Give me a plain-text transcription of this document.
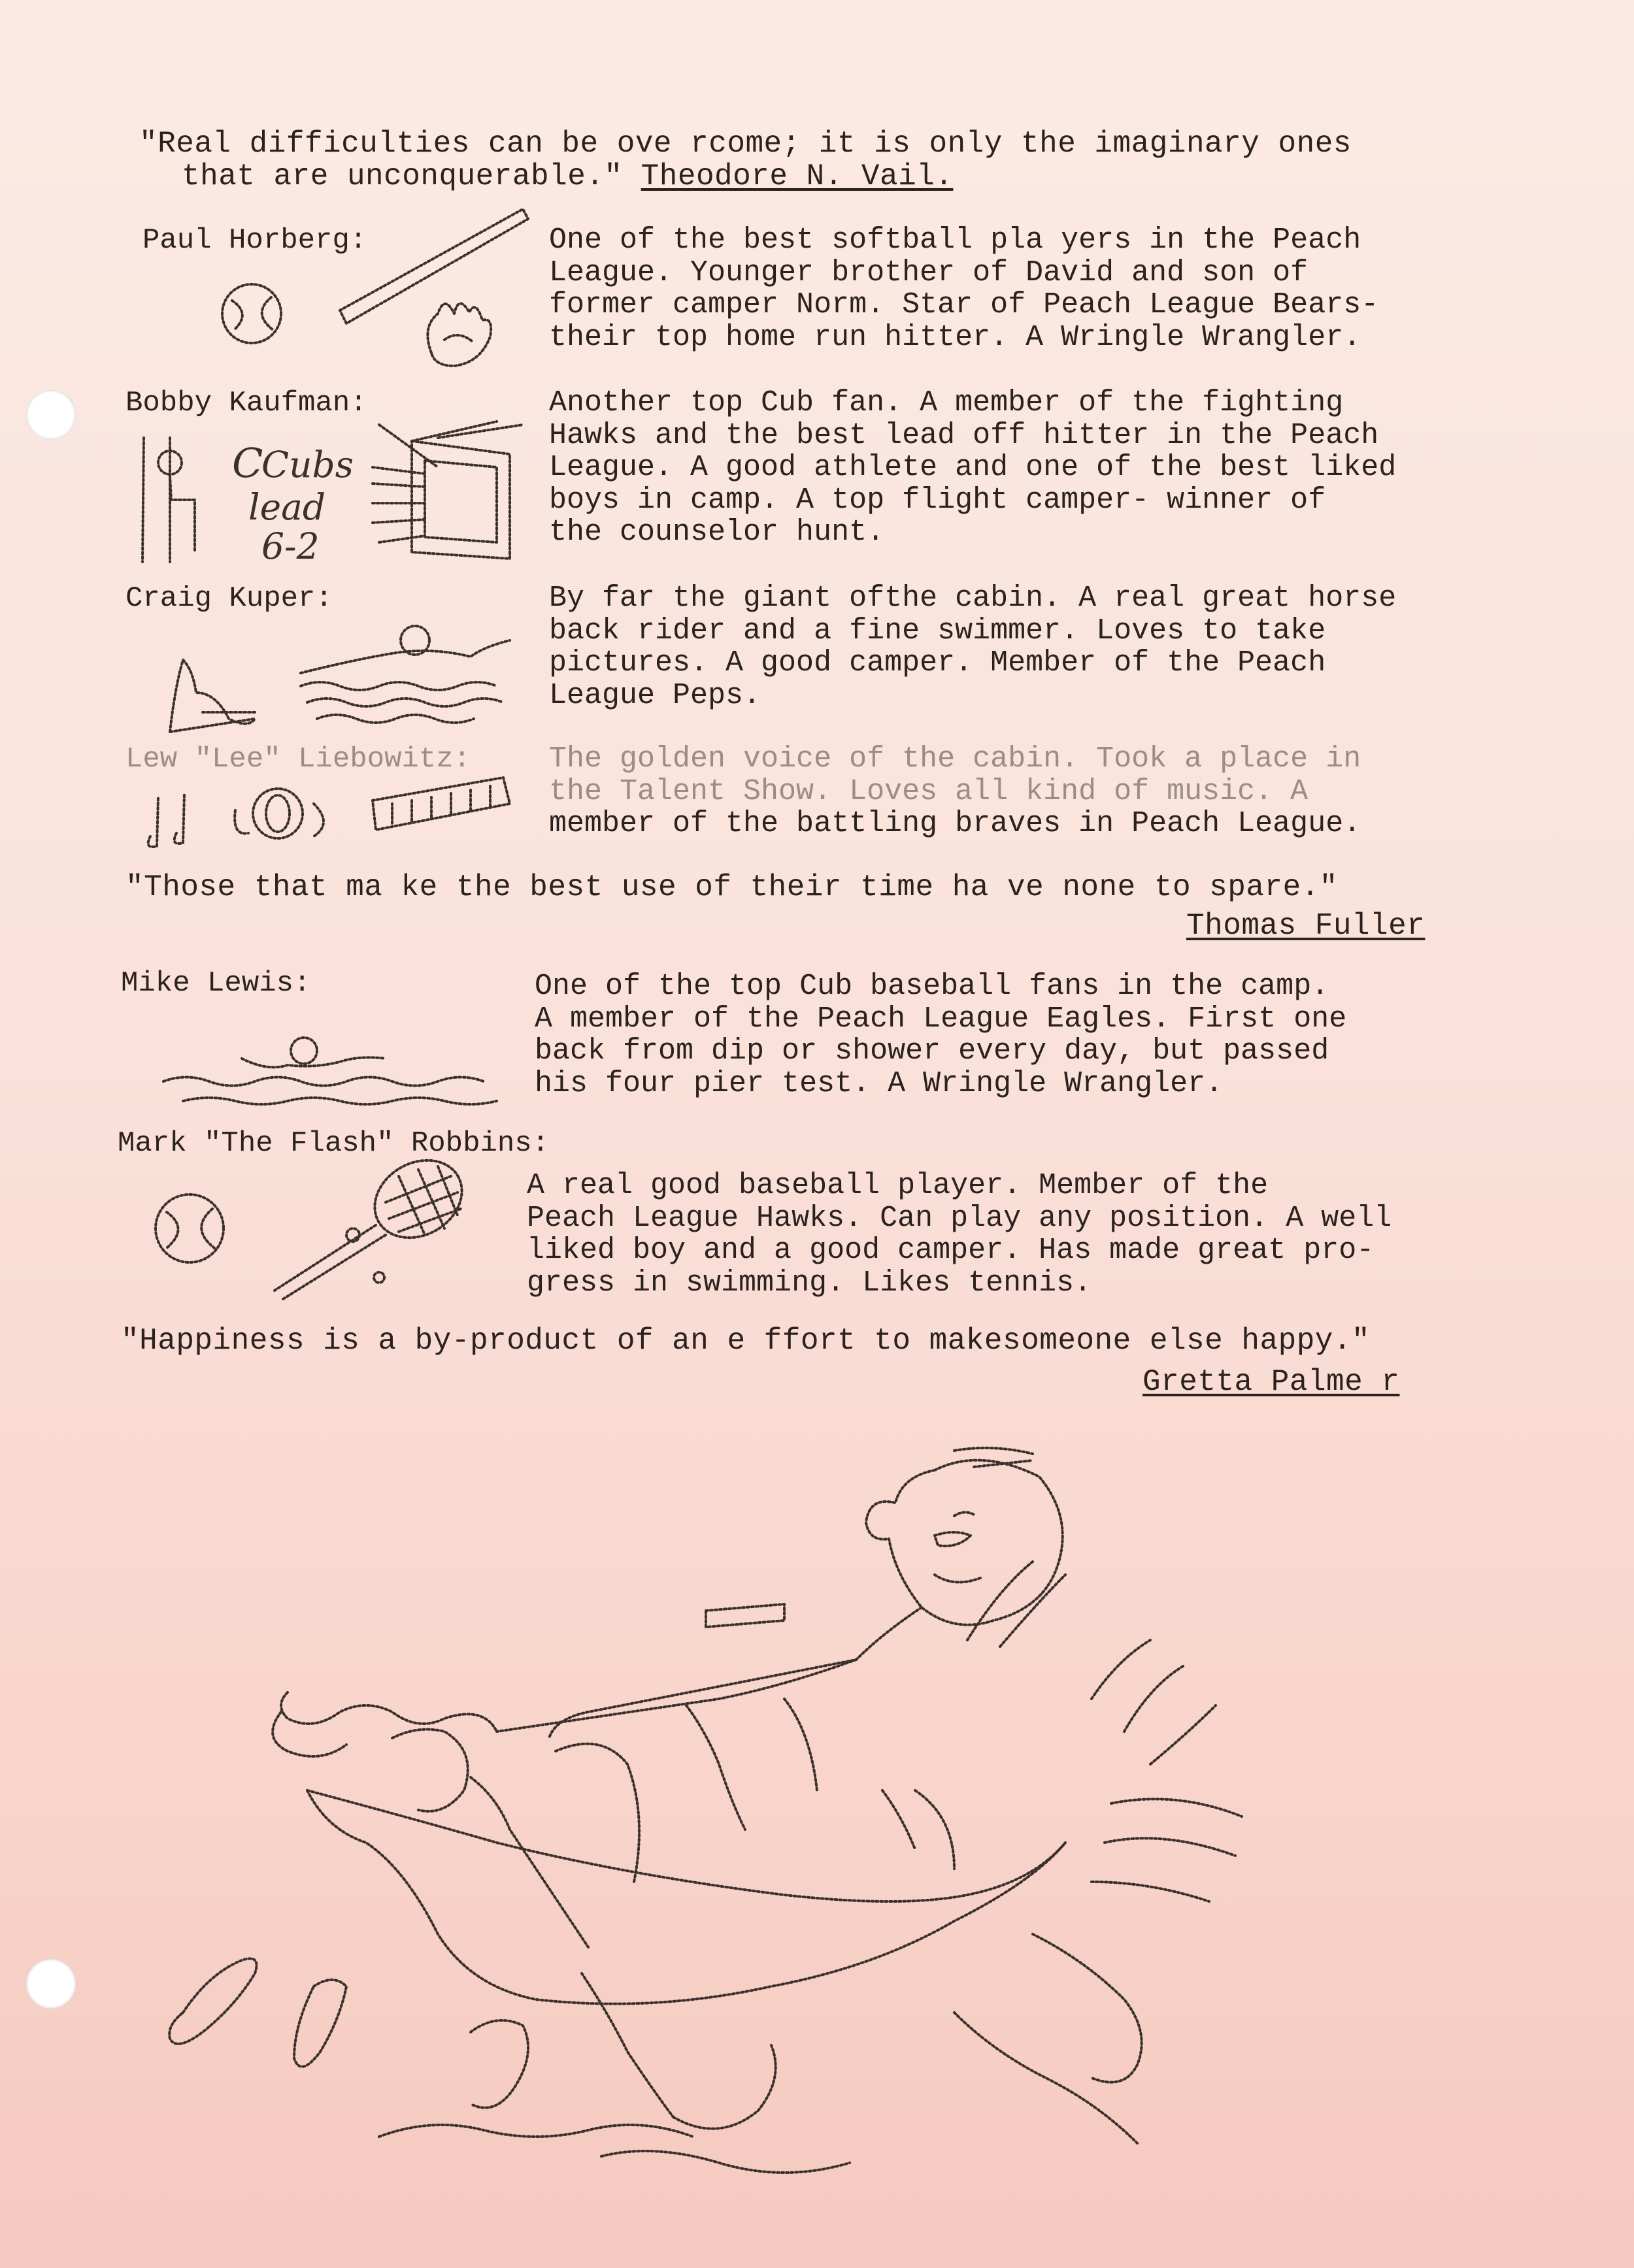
"Real difficulties can be ove rcome; it is only the imaginary ones
that are unconquerable." Theodore N. Vail.
Paul Horberg:	One of the best softball pla yers in the Peach
League. Younger brother of David and son of
former camper Norm. Star of Peach League Bears-
their top home run hitter. A Wringle Wrangler.
Bobby Kaufman:
C
Cubs
lead
6-2
Another top Cub fan. A member of the fighting
Hawks and the best lead off hitter in the Peach
League. A good athlete and one of the best liked
boys in camp. A top flight camper- winner of
the counselor hunt.
Craig Kuper:	By far the giant ofthe cabin. A real great horse
back rider and a fine swimmer. Loves to take
pictures. A good camper. Member of the Peach
League Peps.
Lew "Lee" Liebowitz:	The golden voice of the cabin. Took a place in
the Talent Show. Loves all kind of music. A
member of the battling braves in Peach League.
"Those that ma ke the best use of their time ha ve none to spare."
Thomas Fuller
Mike Lewis:	One of the top Cub baseball fans in the camp.
A member of the Peach League Eagles. First one
back from dip or shower every day, but passed
his four pier test. A Wringle Wrangler.
Mark "The Flash" Robbins:
A real good baseball player. Member of the
Peach League Hawks. Can play any position. A well
liked boy and a good camper. Has made great pro-
gress in swimming. Likes tennis.
"Happiness is a by-product of an e ffort to makesomeone else happy."
Gretta Palme r
